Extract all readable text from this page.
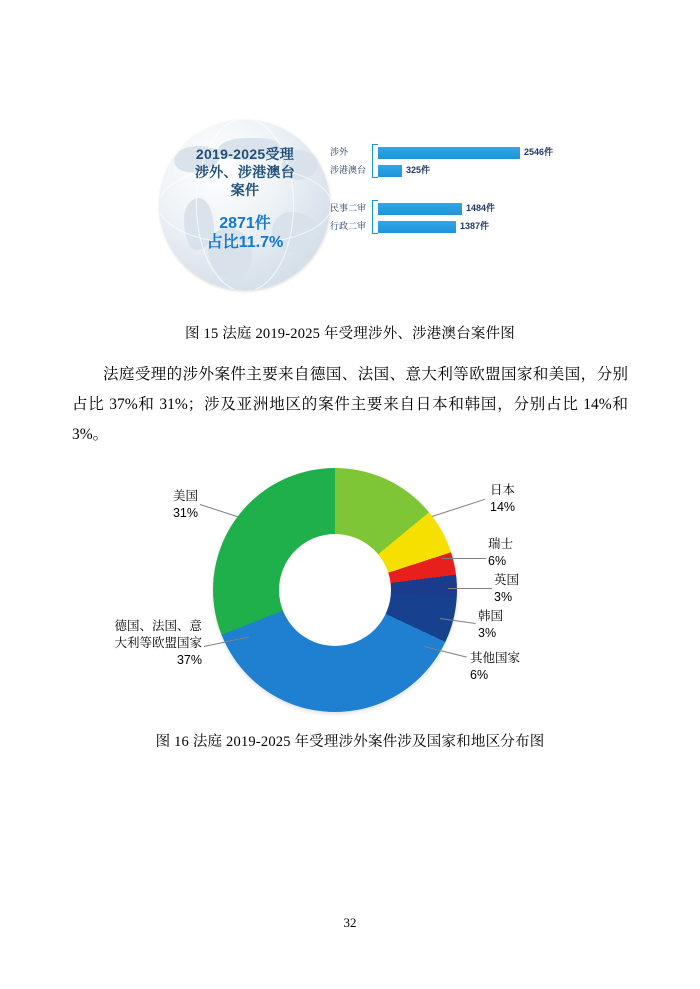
2019-2025受理
涉外、涉港澳台
案件
2871件
占比11.7%
涉外	2546件
涉港澳台	325件
民事二审	1484件
行政二审	1387件
图 15 法庭 2019-2025 年受理涉外、涉港澳台案件图
法庭受理的涉外案件主要来自德国、法国、意大利等欧盟国家和美国，分别占比 37%和 31%；涉及亚洲地区的案件主要来自日本和韩国，分别占比 14%和 3%。
美国
31%
日本
14%
瑞士
6%
英国
3%
韩国
3%
其他国家
6%
德国、法国、意
大利等欧盟国家
37%
图 16 法庭 2019-2025 年受理涉外案件涉及国家和地区分布图
32
